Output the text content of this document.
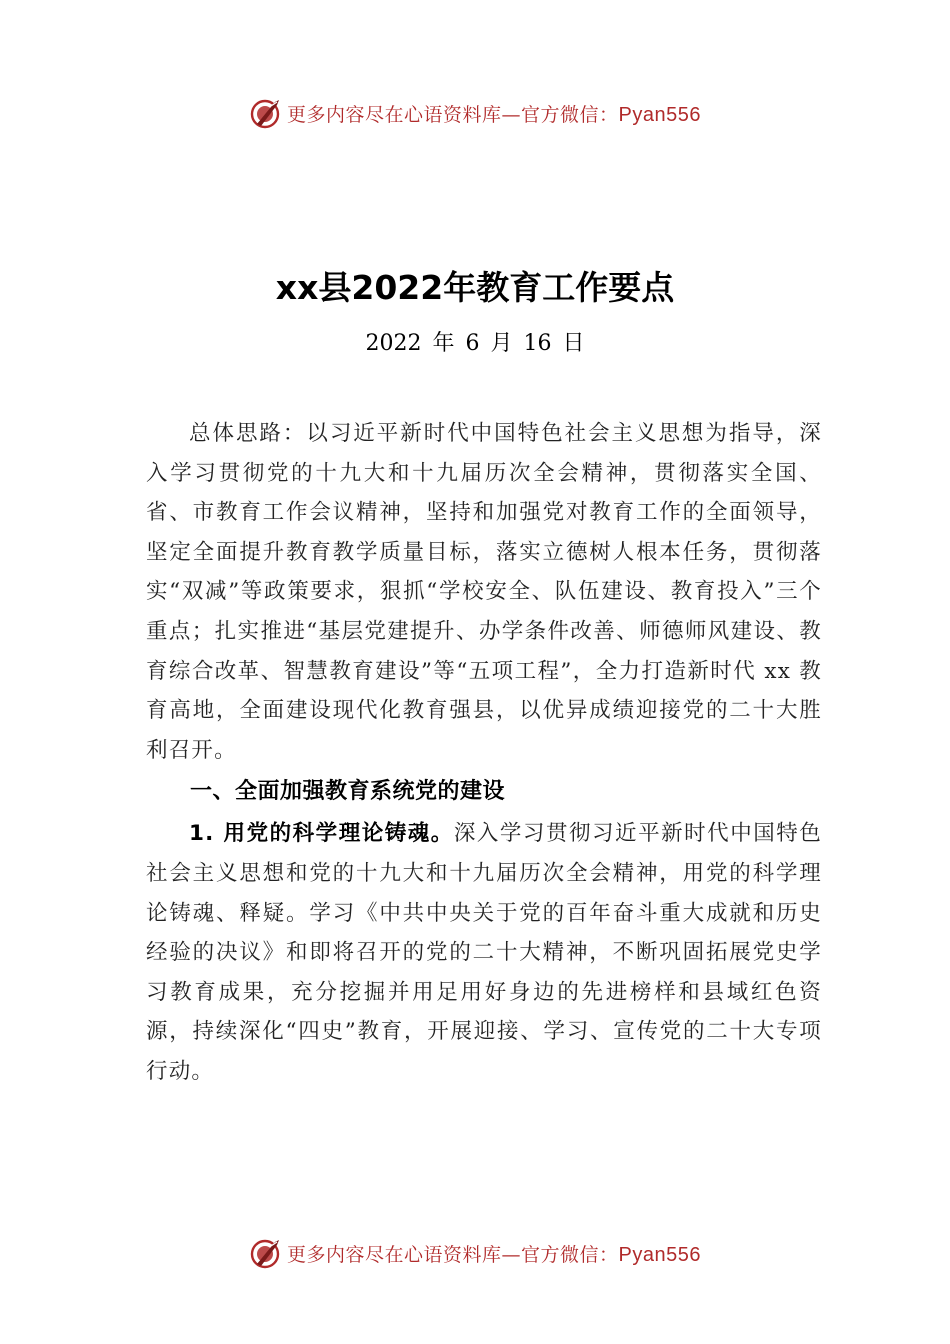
更多内容尽在心语资料库—官方微信：Pyan556
xx县2022年教育工作要点
2022 年 6 月 16 日

总体思路：以习近平新时代中国特色社会主义思想为指导，深入学习贯彻党的十九大和十九届历次全会精神，贯彻落实全国、省、市教育工作会议精神，坚持和加强党对教育工作的全面领导，坚定全面提升教育教学质量目标，落实立德树人根本任务，贯彻落实“双减”等政策要求，狠抓“学校安全、队伍建设、教育投入”三个重点；扎实推进“基层党建提升、办学条件改善、师德师风建设、教育综合改革、智慧教育建设”等“五项工程”，全力打造新时代 xx 教育高地，全面建设现代化教育强县，以优异成绩迎接党的二十大胜利召开。

一、全面加强教育系统党的建设

1. 用党的科学理论铸魂。深入学习贯彻习近平新时代中国特色社会主义思想和党的十九大和十九届历次全会精神，用党的科学理论铸魂、释疑。学习《中共中央关于党的百年奋斗重大成就和历史经验的决议》和即将召开的党的二十大精神，不断巩固拓展党史学习教育成果，充分挖掘并用足用好身边的先进榜样和县域红色资源，持续深化“四史”教育，开展迎接、学习、宣传党的二十大专项行动。

更多内容尽在心语资料库—官方微信：Pyan556
